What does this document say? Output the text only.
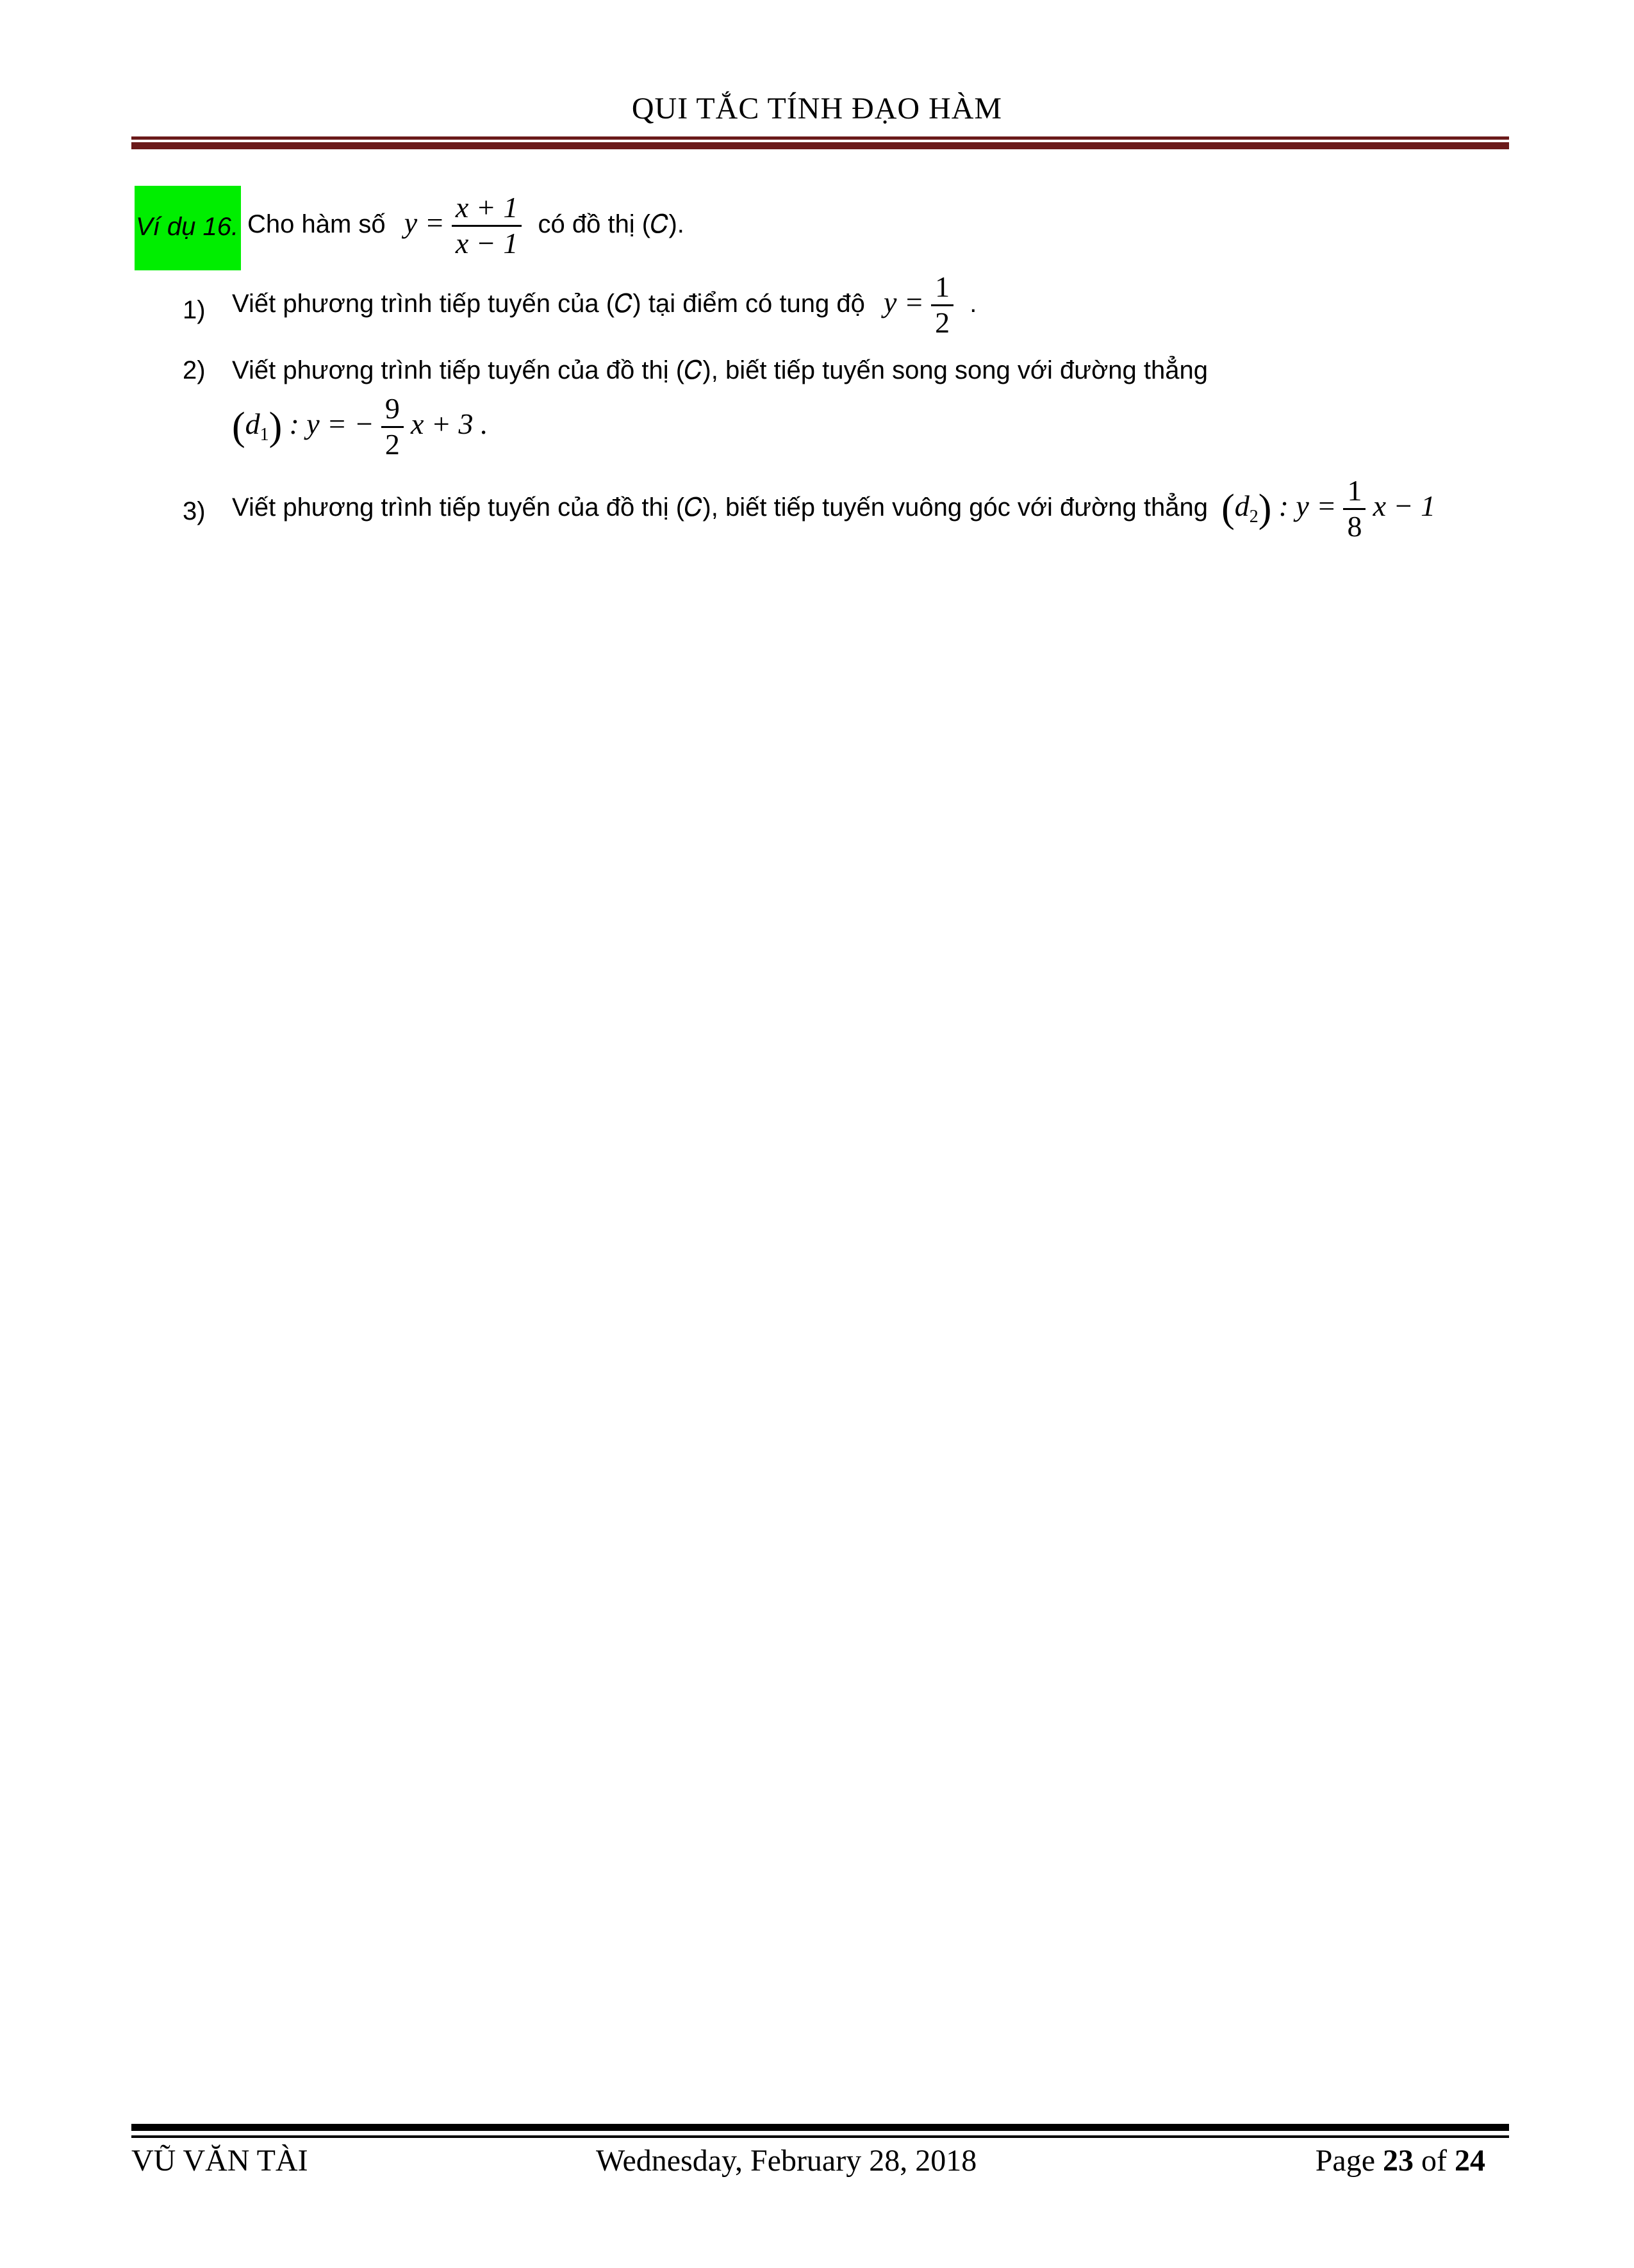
QUI TẮC TÍNH ĐẠO HÀM
Ví dụ 16. Cho hàm số $y = \frac{x + 1}{x - 1}$ có đồ thị (𝐶).
1) Viết phương trình tiếp tuyến của (𝐶) tại điểm có tung độ $y = \frac{1}{2}$ .
2) Viết phương trình tiếp tuyến của đồ thị (𝐶), biết tiếp tuyến song song với đường thẳng
$(d_1)$ : y = − $\frac{9}{2}$ x + 3 .
3) Viết phương trình tiếp tuyến của đồ thị (𝐶), biết tiếp tuyến vuông góc với đường thẳng $(d_2)$ : $y = \frac{1}{8}$ x − 1
VŨ VĂN TÀI	Wednesday, February 28, 2018	Page 23 of 24
